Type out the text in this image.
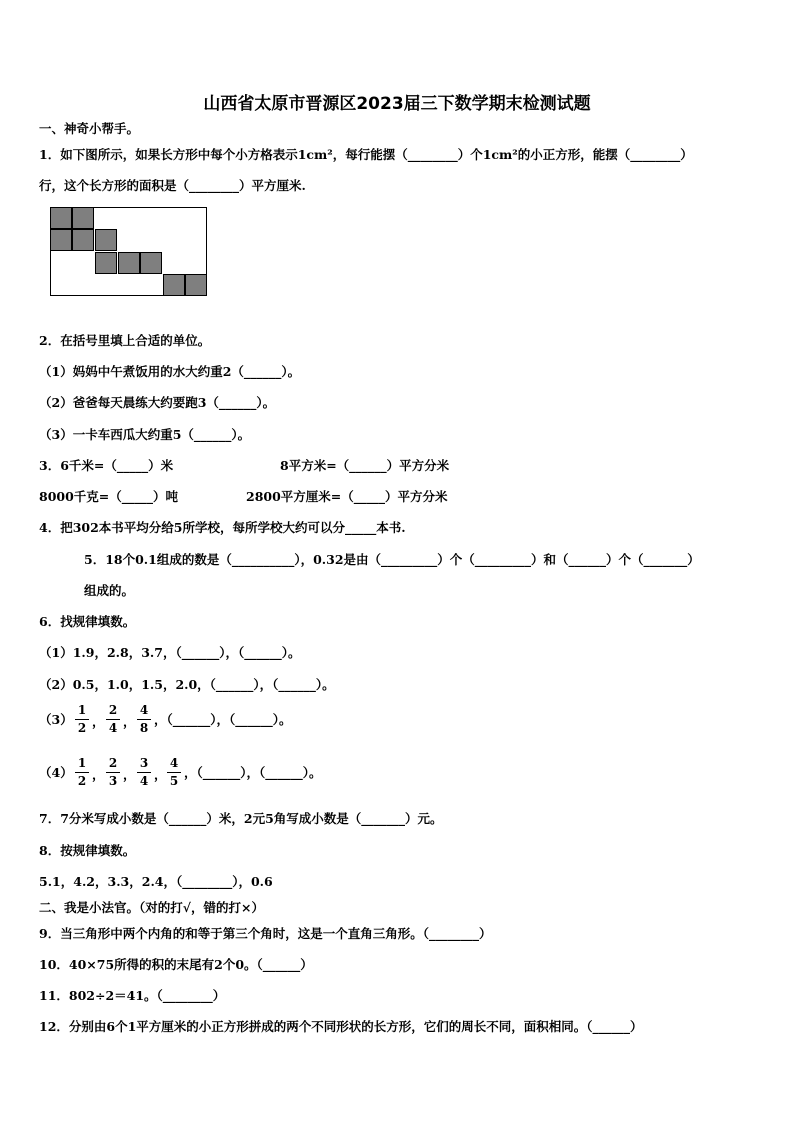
山西省太原市晋源区2023届三下数学期末检测试题
一、神奇小帮手。
1．如下图所示，如果长方形中每个小方格表示1cm²，每行能摆（________）个1cm²的小正方形，能摆（________）
行，这个长方形的面积是（________）平方厘米.
2．在括号里填上合适的单位。
（1）妈妈中午煮饭用的水大约重2（______）。
（2）爸爸每天晨练大约要跑3（______）。
（3）一卡车西瓜大约重5（______）。
3．6千米=（_____）米	8平方米=（______）平方分米
8000千克=（_____）吨	2800平方厘米=（_____）平方分米
4．把302本书平均分给5所学校，每所学校大约可以分_____本书.
5．18个0.1组成的数是（__________），0.32是由（_________）个（_________）和（______）个（_______）
组成的。
6．找规律填数。
（1）1.9，2.8，3.7，（______），（______）。
（2）0.5，1.0，1.5，2.0，（______），（______）。
（3）
1
2 ，
2
4 ，
4
8
，（______），（______）。
（4）
1
2 ，
2
3 ，
3
4 ，
4
5
，（______），（______）。
7．7分米写成小数是（______）米，2元5角写成小数是（_______）元。
8．按规律填数。
5.1，4.2，3.3，2.4，（________），0.6
二、我是小法官。（对的打√，错的打×）
9．当三角形中两个内角的和等于第三个角时，这是一个直角三角形。（________）
10．40×75所得的积的末尾有2个0。（______）
11．802÷2＝41。（________）
12．分别由6个1平方厘米的小正方形拼成的两个不同形状的长方形，它们的周长不同，面积相同。（______）
